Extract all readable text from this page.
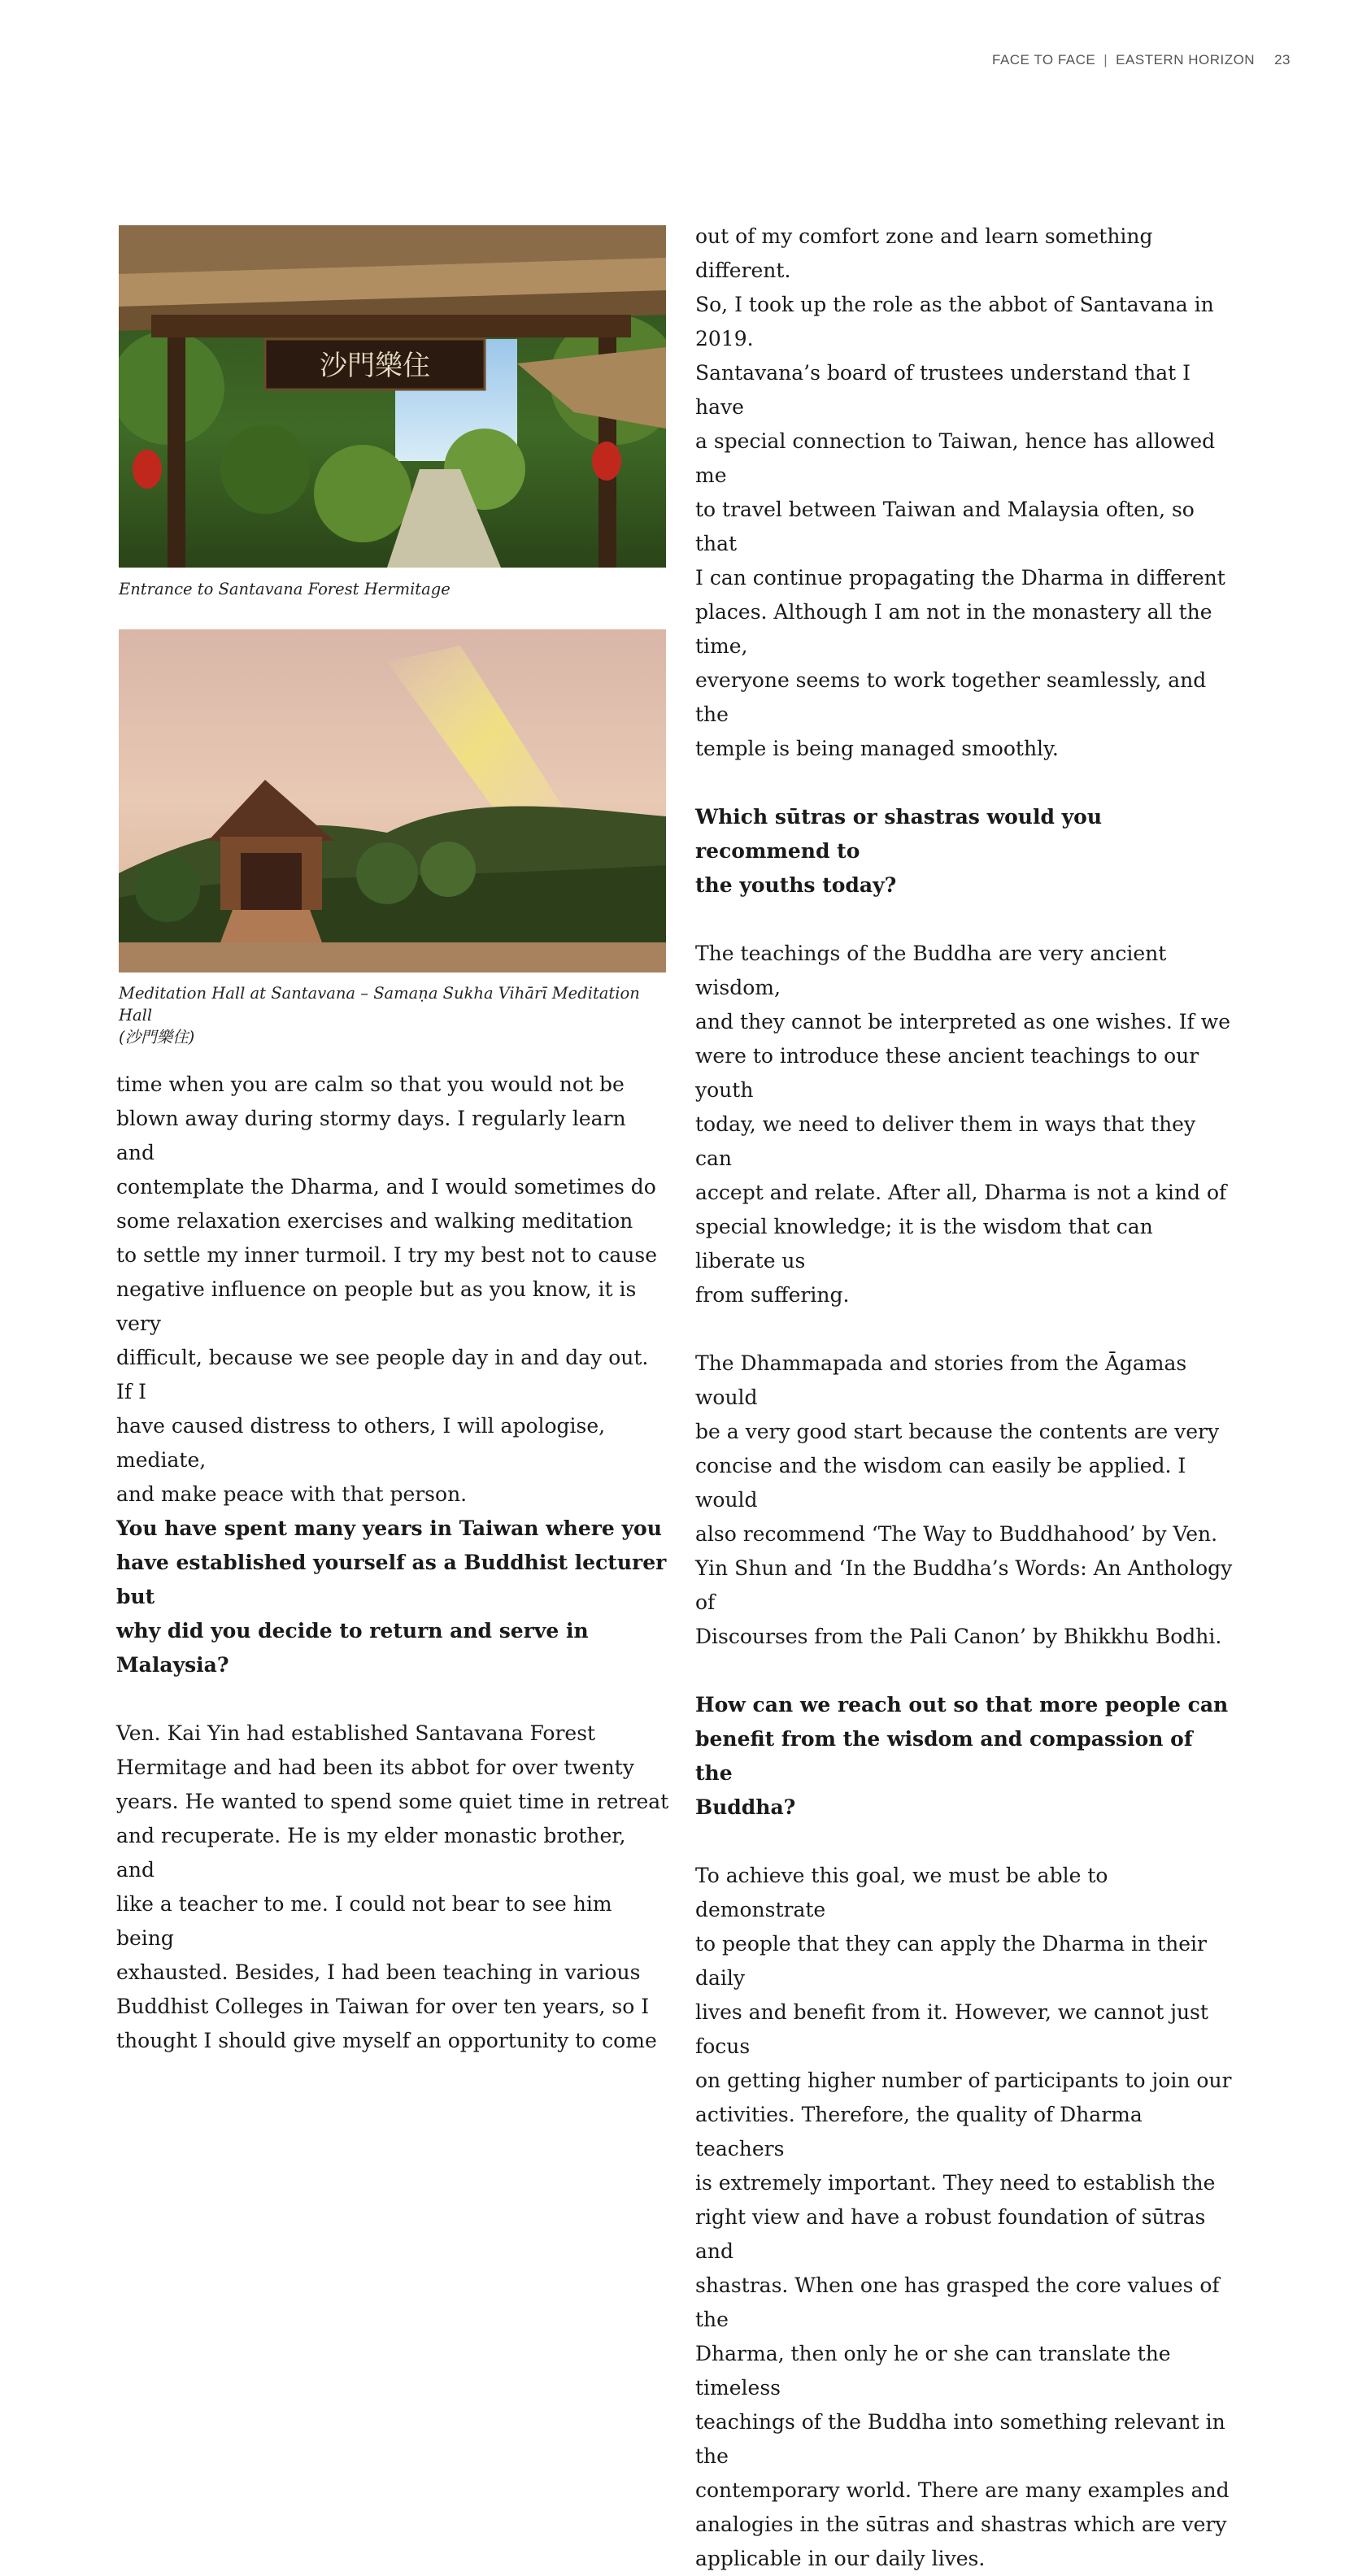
FACE TO FACE | EASTERN HORIZON 23
沙門樂住
Entrance to Santavana Forest Hermitage
Meditation Hall at Santavana – Samaṇa Sukha Vihārī Meditation Hall
(沙門樂住)

time when you are calm so that you would not be

blown away during stormy days. I regularly learn and

contemplate the Dharma, and I would sometimes do

some relaxation exercises and walking meditation

to settle my inner turmoil. I try my best not to cause

negative influence on people but as you know, it is very

difficult, because we see people day in and day out. If I

have caused distress to others, I will apologise, mediate,

and make peace with that person.

You have spent many years in Taiwan where you

have established yourself as a Buddhist lecturer but

why did you decide to return and serve in Malaysia?

Ven. Kai Yin had established Santavana Forest

Hermitage and had been its abbot for over twenty

years. He wanted to spend some quiet time in retreat

and recuperate. He is my elder monastic brother, and

like a teacher to me. I could not bear to see him being

exhausted. Besides, I had been teaching in various

Buddhist Colleges in Taiwan for over ten years, so I

thought I should give myself an opportunity to come

out of my comfort zone and learn something different.

So, I took up the role as the abbot of Santavana in 2019.

Santavana’s board of trustees understand that I have

a special connection to Taiwan, hence has allowed me

to travel between Taiwan and Malaysia often, so that

I can continue propagating the Dharma in different

places. Although I am not in the monastery all the time,

everyone seems to work together seamlessly, and the

temple is being managed smoothly.

Which sūtras or shastras would you recommend to

the youths today?

The teachings of the Buddha are very ancient wisdom,

and they cannot be interpreted as one wishes. If we

were to introduce these ancient teachings to our youth

today, we need to deliver them in ways that they can

accept and relate. After all, Dharma is not a kind of

special knowledge; it is the wisdom that can liberate us

from suffering.

The Dhammapada and stories from the Āgamas would

be a very good start because the contents are very

concise and the wisdom can easily be applied. I would

also recommend ‘The Way to Buddhahood’ by Ven.

Yin Shun and ‘In the Buddha’s Words: An Anthology of

Discourses from the Pali Canon’ by Bhikkhu Bodhi.

How can we reach out so that more people can

benefit from the wisdom and compassion of the

Buddha?

To achieve this goal, we must be able to demonstrate

to people that they can apply the Dharma in their daily

lives and benefit from it. However, we cannot just focus

on getting higher number of participants to join our

activities. Therefore, the quality of Dharma teachers

is extremely important. They need to establish the

right view and have a robust foundation of sūtras and

shastras. When one has grasped the core values of the

Dharma, then only he or she can translate the timeless

teachings of the Buddha into something relevant in the

contemporary world. There are many examples and

analogies in the sūtras and shastras which are very

applicable in our daily lives.
